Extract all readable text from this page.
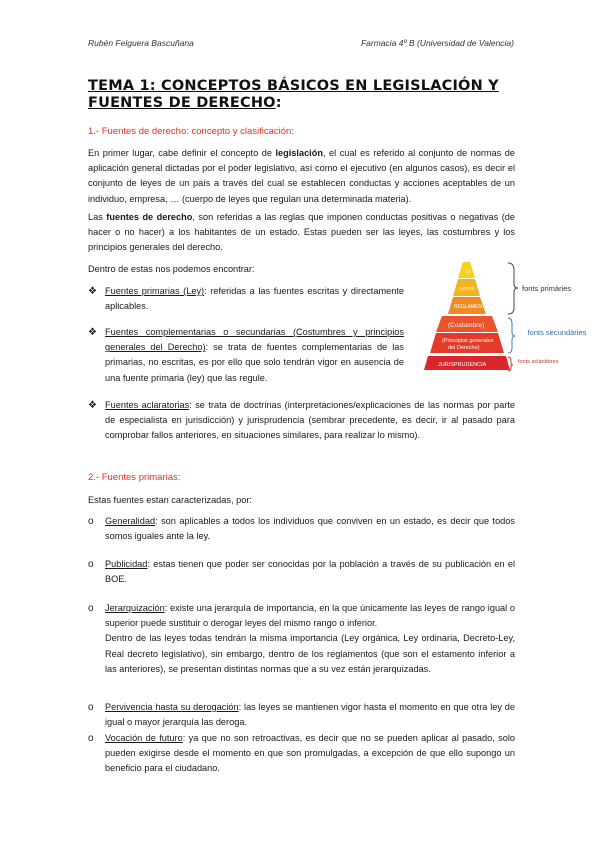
Rubén Felguera Bascuñana	Farmacia 4º B (Universidad de Valencia)
TEMA 1: CONCEPTOS BÁSICOS EN LEGISLACIÓN Y FUENTES DE DERECHO:
1.- Fuentes de derecho: concepto y clasificación:
En primer lugar, cabe definir el concepto de legislación, el cual es referido al conjunto de normas de aplicación general dictadas por el poder legislativo, así como el ejecutivo (en algunos casos), es decir el conjunto de leyes de un país a través del cual se establecen conductas y acciones aceptables de un individuo, empresa, … (cuerpo de leyes que regulan una determinada materia).
Las fuentes de derecho, son referidas a las reglas que imponen conductas positivas o negativas (de hacer o no hacer) a los habitantes de un estado. Estas pueden ser las leyes, las costumbres y los principios generales del derecho.
Dentro de estas nos podemos encontrar:
❖ Fuentes primarias (Ley): referidas a las fuentes escritas y directamente aplicables.
❖ Fuentes complementarias o secundarias (Costumbres y principios generales del Derecho): se trata de fuentes complementarias de las primarias, no escritas, es por ello que solo tendrán vigor en ausencia de una fuente primaria (ley) que las regule.
❖ Fuentes aclaratorias: se trata de doctrinas (interpretaciones/explicaciones de las normas por parte de especialista en jurisdicción) y jurisprudencia (sembrar precedente, es decir, ir al pasado para comprobar fallos anteriores, en situaciones similares, para realizar lo mismo).
CE
LEYES
REGLAMENTOS
(Costumbre)
(Principios generales
del Derecho)
JURISPRUDENCIA
fonts primàries
fonts secundàries
fonts aclaridores
2.- Fuentes primarias:
Estas fuentes estan caracterizadas, por:
o	Generalidad: son aplicables a todos los individuos que conviven en un estado, es decir que todos somos iguales ante la ley.
o	Publicidad: estas tienen que poder ser conocidas por la población a través de su publicación en el BOE.
o	Jerarquización: existe una jerarquía de importancia, en la que únicamente las leyes de rango igual o superior puede sustituir o derogar leyes del mismo rango o inferior.
Dentro de las leyes todas tendrán la misma importancia (Ley orgánica, Ley ordinaria, Decreto-Ley, Real decreto legislativo), sin embargo, dentro de los reglamentos (que son el estamento inferior a las anteriores), se presentan distintas normas que a su vez están jerarquizadas.
o	Pervivencia hasta su derogación: las leyes se mantienen vigor hasta el momento en que otra ley de igual o mayor jerarquía las deroga.
o	Vocación de futuro: ya que no son retroactivas, es decir que no se pueden aplicar al pasado, solo pueden exigirse desde el momento en que son promulgadas, a excepción de que ello supongo un beneficio para el ciudadano.
